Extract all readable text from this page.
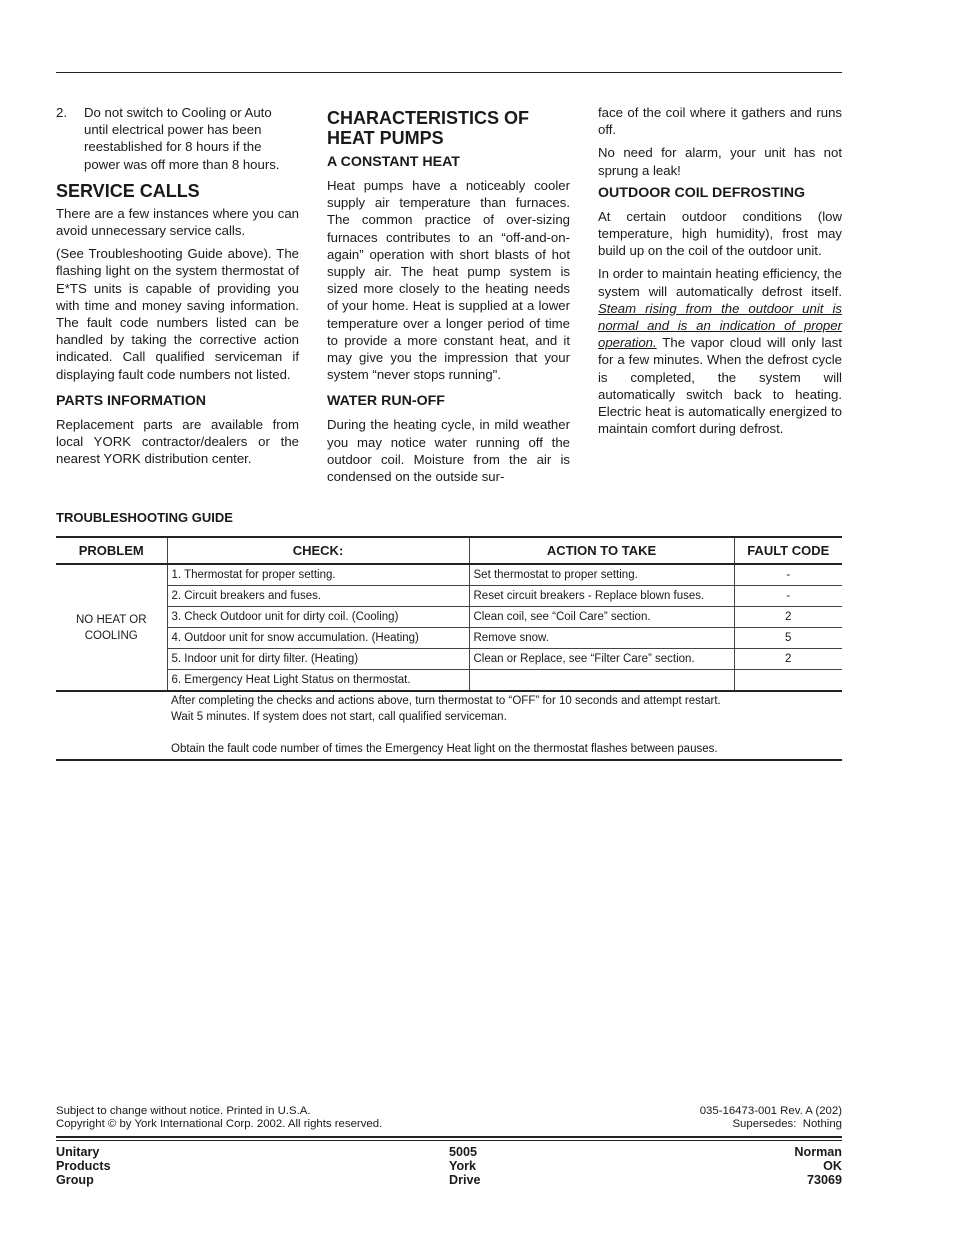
2.	Do not switch to Cooling or Auto until electrical power has been reestablished for 8 hours if the power was off more than 8 hours.
SERVICE CALLS

There are a few instances where you can avoid unnecessary service calls.

(See Troubleshooting Guide above). The flashing light on the system thermostat of E*TS units is capable of providing you with time and money saving information. The fault code numbers listed can be handled by taking the corrective action indicated. Call qualified serviceman if displaying fault code numbers not listed.

PARTS INFORMATION

Replacement parts are available from local YORK contractor/dealers or the nearest YORK distribution center.

CHARACTERISTICS OF HEAT PUMPS
A CONSTANT HEAT

Heat pumps have a noticeably cooler supply air temperature than furnaces. The common practice of over-sizing furnaces contributes to an “off-and-on-again” operation with short blasts of hot supply air. The heat pump system is sized more closely to the heating needs of your home. Heat is supplied at a lower temperature over a longer period of time to provide a more constant heat, and it may give you the impression that your system “never stops running".

WATER RUN-OFF

During the heating cycle, in mild weather you may notice water running off the outdoor coil. Moisture from the air is condensed on the outside sur-

face of the coil where it gathers and runs off.

No need for alarm, your unit has not sprung a leak!

OUTDOOR COIL DEFROSTING

At certain outdoor conditions (low temperature, high humidity), frost may build up on the coil of the outdoor unit.

In order to maintain heating efficiency, the system will automatically defrost itself. Steam rising from the outdoor unit is normal and is an indication of proper operation. The vapor cloud will only last for a few minutes. When the defrost cycle is completed, the system will automatically switch back to heating. Electric heat is automatically energized to maintain comfort during defrost.

TROUBLESHOOTING GUIDE
PROBLEM	CHECK:	ACTION TO TAKE	FAULT CODE
NO HEAT OR COOLING	1. Thermostat for proper setting.	Set thermostat to proper setting.	-
	2. Circuit breakers and fuses.	Reset circuit breakers - Replace blown fuses.	-
	3. Check Outdoor unit for dirty coil. (Cooling)	Clean coil, see “Coil Care” section.	2
	4. Outdoor unit for snow accumulation. (Heating)	Remove snow.	5
	5. Indoor unit for dirty filter. (Heating)	Clean or Replace, see “Filter Care” section.	2
	6. Emergency Heat Light Status on thermostat.		

	After completing the checks and actions above, turn thermostat to “OFF” for 10 seconds and attempt restart. Wait 5 minutes. If system does not start, call qualified serviceman.
Obtain the fault code number of times the Emergency Heat light on the thermostat flashes between pauses.		
Subject to change without notice. Printed in U.S.A.
Copyright © by York International Corp. 2002. All rights reserved.
035-16473-001 Rev. A (202)
Supersedes:  Nothing
Unitary
Products
Group
5005
York
Drive
Norman
OK
73069
